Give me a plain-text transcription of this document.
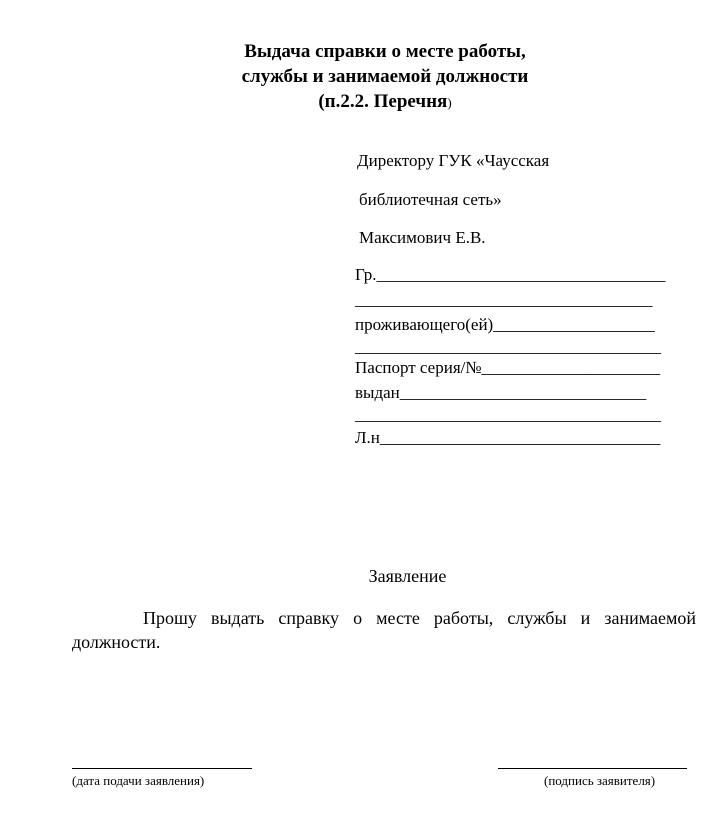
Выдача справки о месте работы,
службы и занимаемой должности
(п.2.2. Перечня)
Директору ГУК «Чаусская
библиотечная сеть»
Максимович Е.В.
Гр.__________________________________
___________________________________
проживающего(ей)___________________
____________________________________
Паспорт серия/№_____________________
выдан_____________________________
____________________________________
Л.н_________________________________
Заявление
Прошу выдать справку о месте работы, службы и занимаемой должности.
(дата подачи заявления)	(подпись заявителя)
